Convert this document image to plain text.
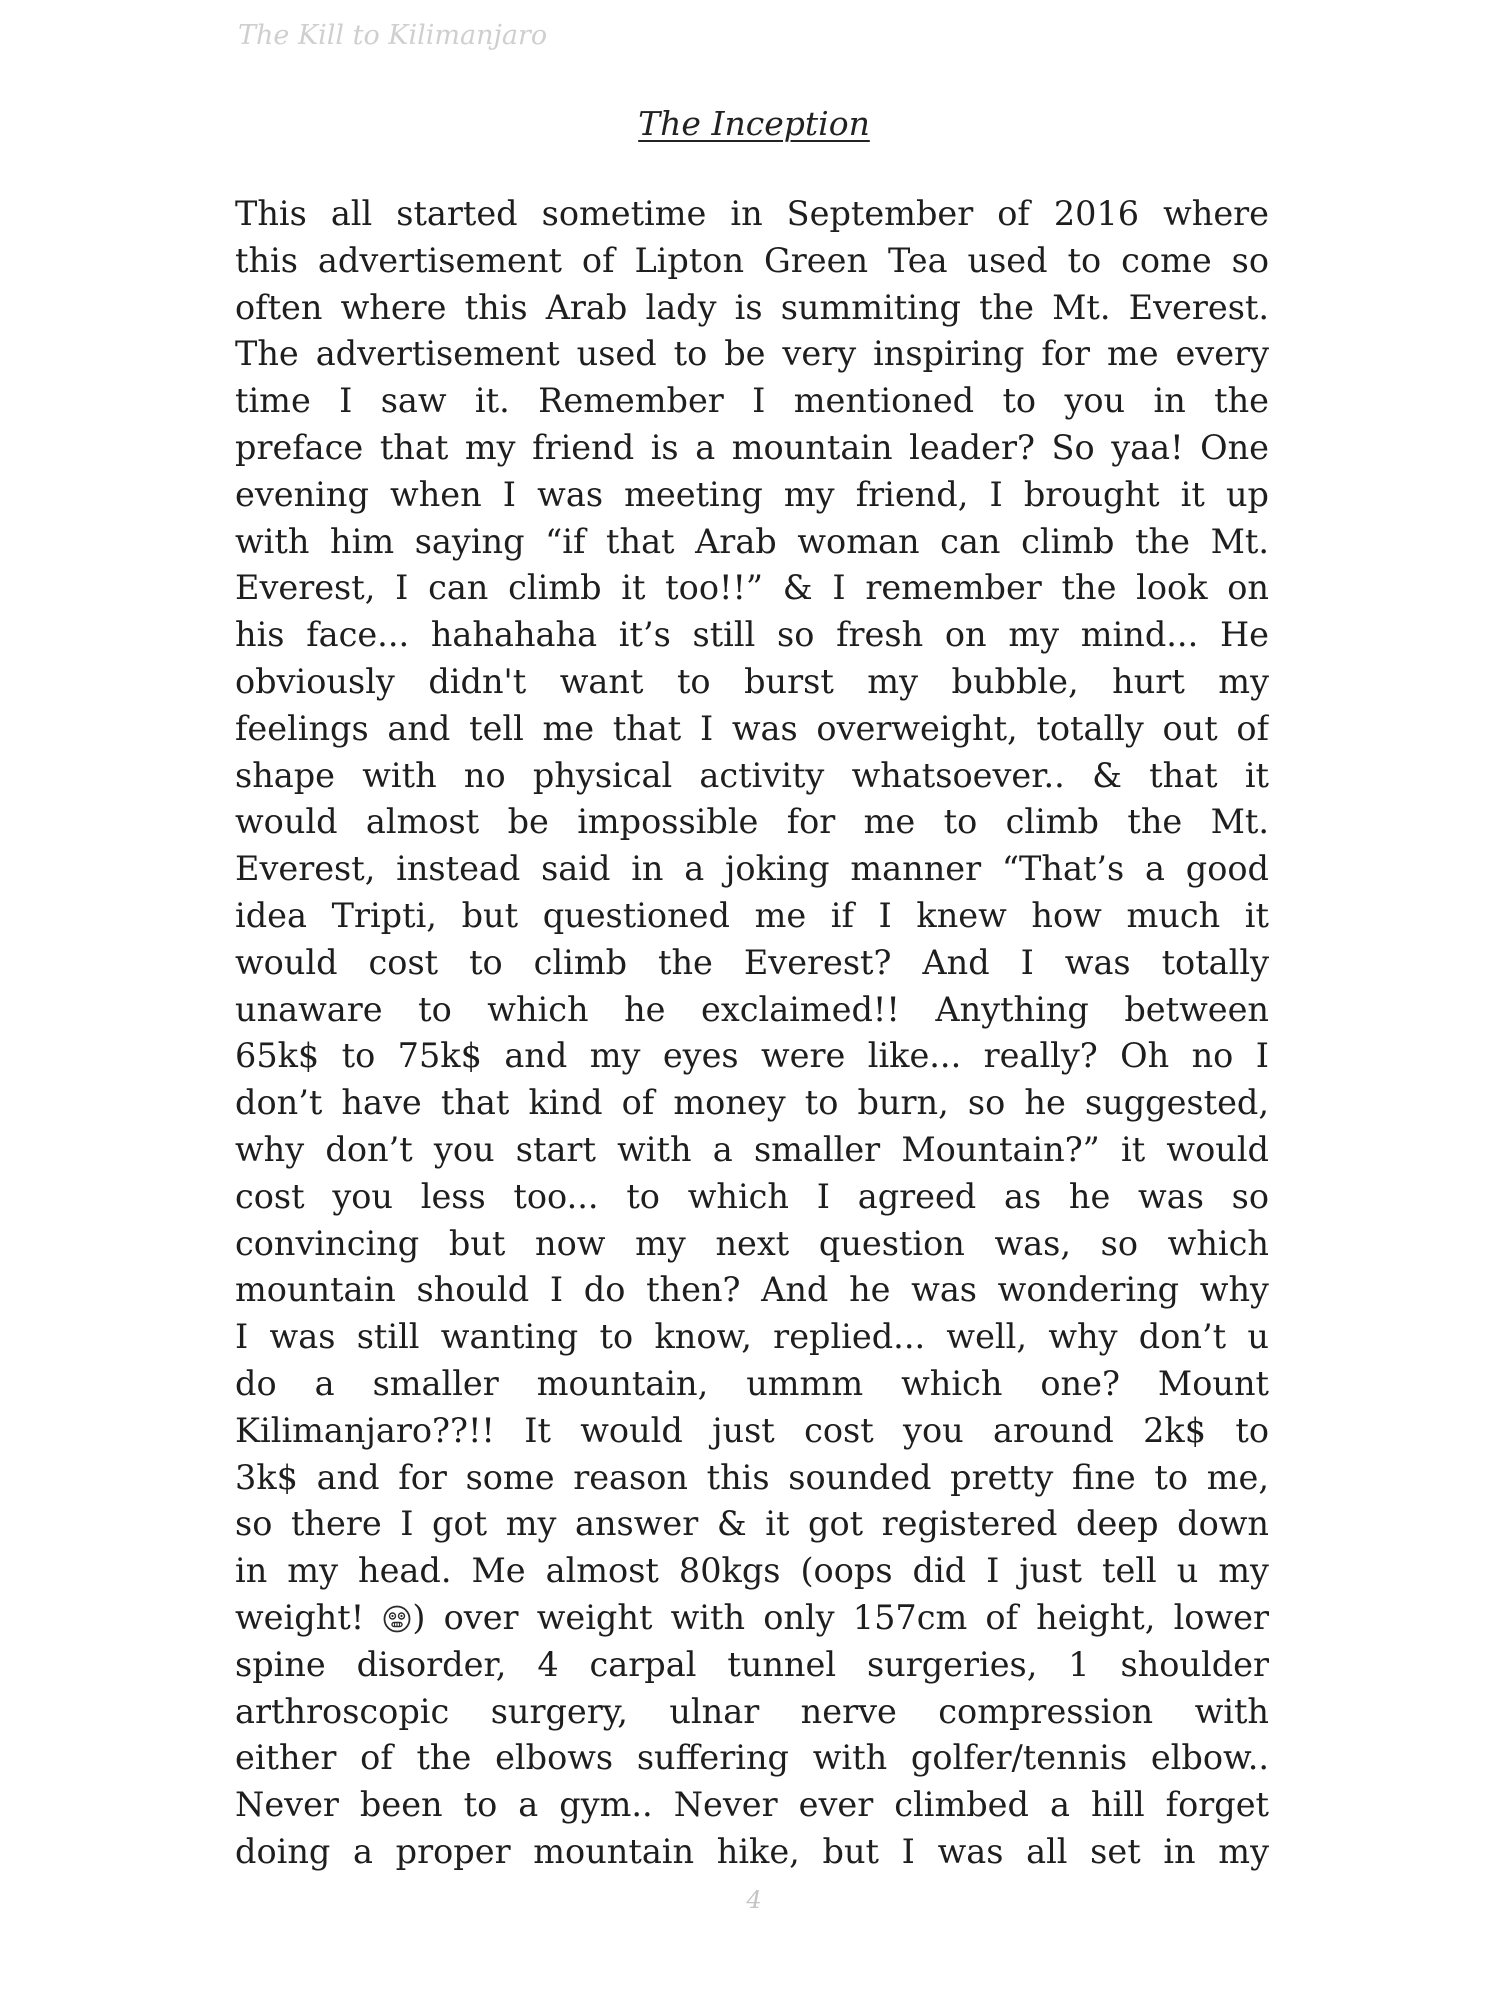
The Kill to Kilimanjaro
The Inception
This all started sometime in September of 2016 where
this advertisement of Lipton Green Tea used to come so
often where this Arab lady is summiting the Mt. Everest.
The advertisement used to be very inspiring for me every
time I saw it. Remember I mentioned to you in the
preface that my friend is a mountain leader? So yaa! One
evening when I was meeting my friend, I brought it up
with him saying “if that Arab woman can climb the Mt.
Everest, I can climb it too!!” & I remember the look on
his face... hahahaha it’s still so fresh on my mind... He
obviously didn't want to burst my bubble, hurt my
feelings and tell me that I was overweight, totally out of
shape with no physical activity whatsoever.. & that it
would almost be impossible for me to climb the Mt.
Everest, instead said in a joking manner “That’s a good
idea Tripti, but questioned me if I knew how much it
would cost to climb the Everest? And I was totally
unaware to which he exclaimed!! Anything between
65k$ to 75k$ and my eyes were like... really? Oh no I
don’t have that kind of money to burn, so he suggested,
why don’t you start with a smaller Mountain?” it would
cost you less too... to which I agreed as he was so
convincing but now my next question was, so which
mountain should I do then? And he was wondering why
I was still wanting to know, replied... well, why don’t u
do a smaller mountain, ummm which one? Mount
Kilimanjaro??!! It would just cost you around 2k$ to
3k$ and for some reason this sounded pretty fine to me,
so there I got my answer & it got registered deep down
in my head. Me almost 80kgs (oops did I just tell u my
weight! ) over weight with only 157cm of height, lower
spine disorder, 4 carpal tunnel surgeries, 1 shoulder
arthroscopic surgery, ulnar nerve compression with
either of the elbows suffering with golfer/tennis elbow..
Never been to a gym.. Never ever climbed a hill forget
doing a proper mountain hike, but I was all set in my
4
